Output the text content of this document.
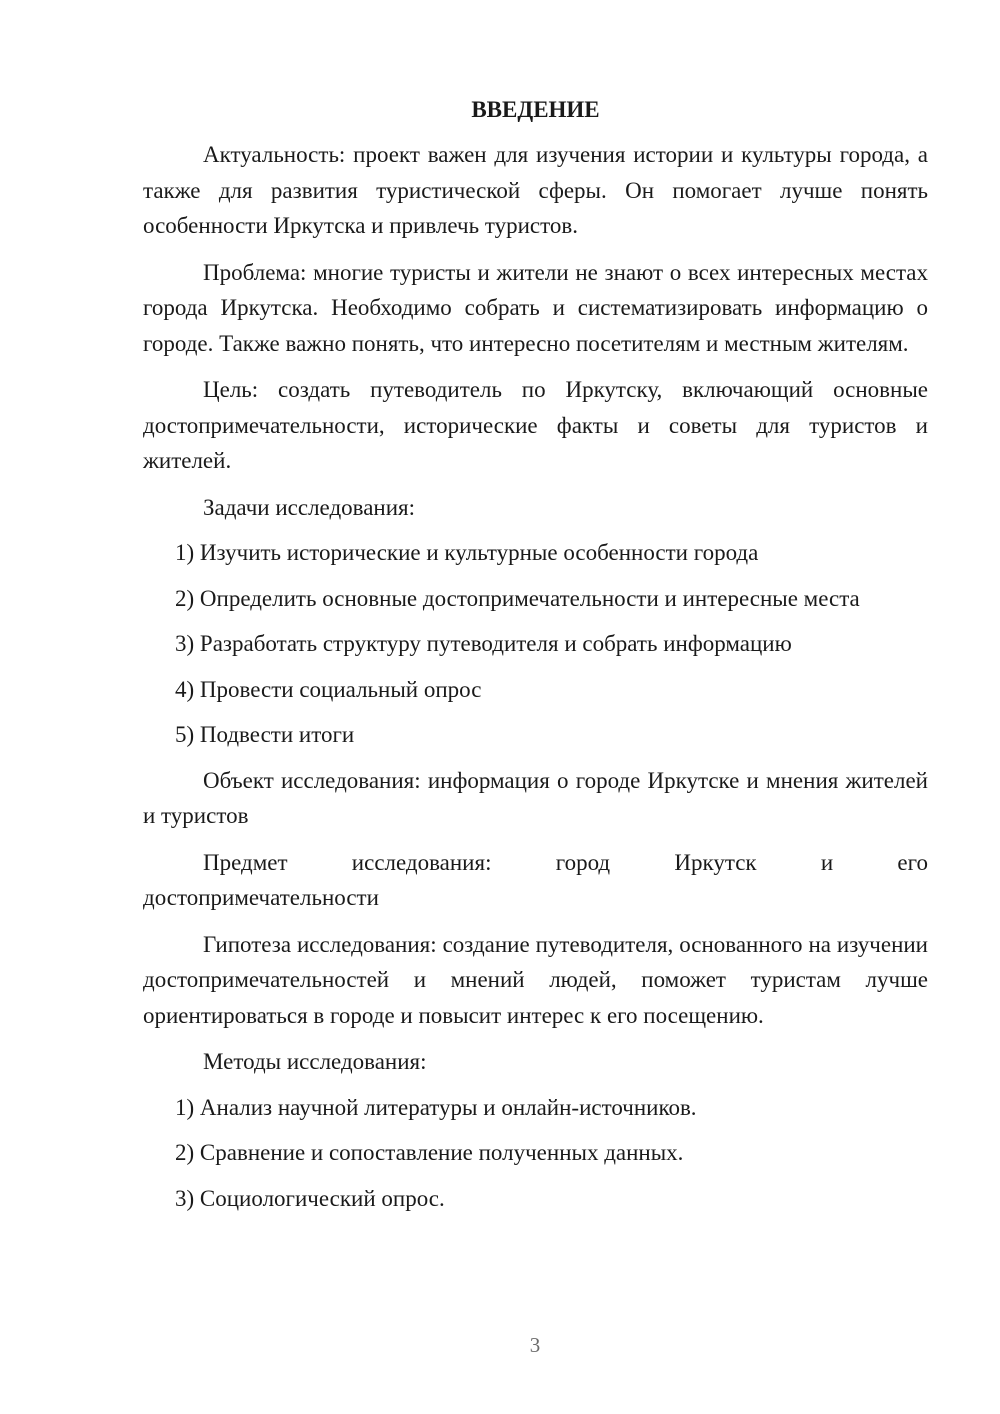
ВВЕДЕНИЕ

Актуальность: проект важен для изучения истории и культуры города, а также для развития туристической сферы. Он помогает лучше понять особенности Иркутска и привлечь туристов.

Проблема: многие туристы и жители не знают о всех интересных местах города Иркутска. Необходимо собрать и систематизировать информацию о городе. Также важно понять, что интересно посетителям и местным жителям.

Цель: создать путеводитель по Иркутску, включающий основные достопримечательности, исторические факты и советы для туристов и жителей.

Задачи исследования:

1) Изучить исторические и культурные особенности города
2) Определить основные достопримечательности и интересные места
3) Разработать структуру путеводителя и собрать информацию
4) Провести социальный опрос
5) Подвести итоги

Объект исследования: информация о городе Иркутске и мнения жителей и туристов

Предмет исследования: город Иркутск и его

достопримечательности

Гипотеза исследования: создание путеводителя, основанного на изучении достопримечательностей и мнений людей, поможет туристам лучше ориентироваться в городе и повысит интерес к его посещению.

Методы исследования:

1) Анализ научной литературы и онлайн-источников.
2) Сравнение и сопоставление полученных данных.
3) Социологический опрос.
3
